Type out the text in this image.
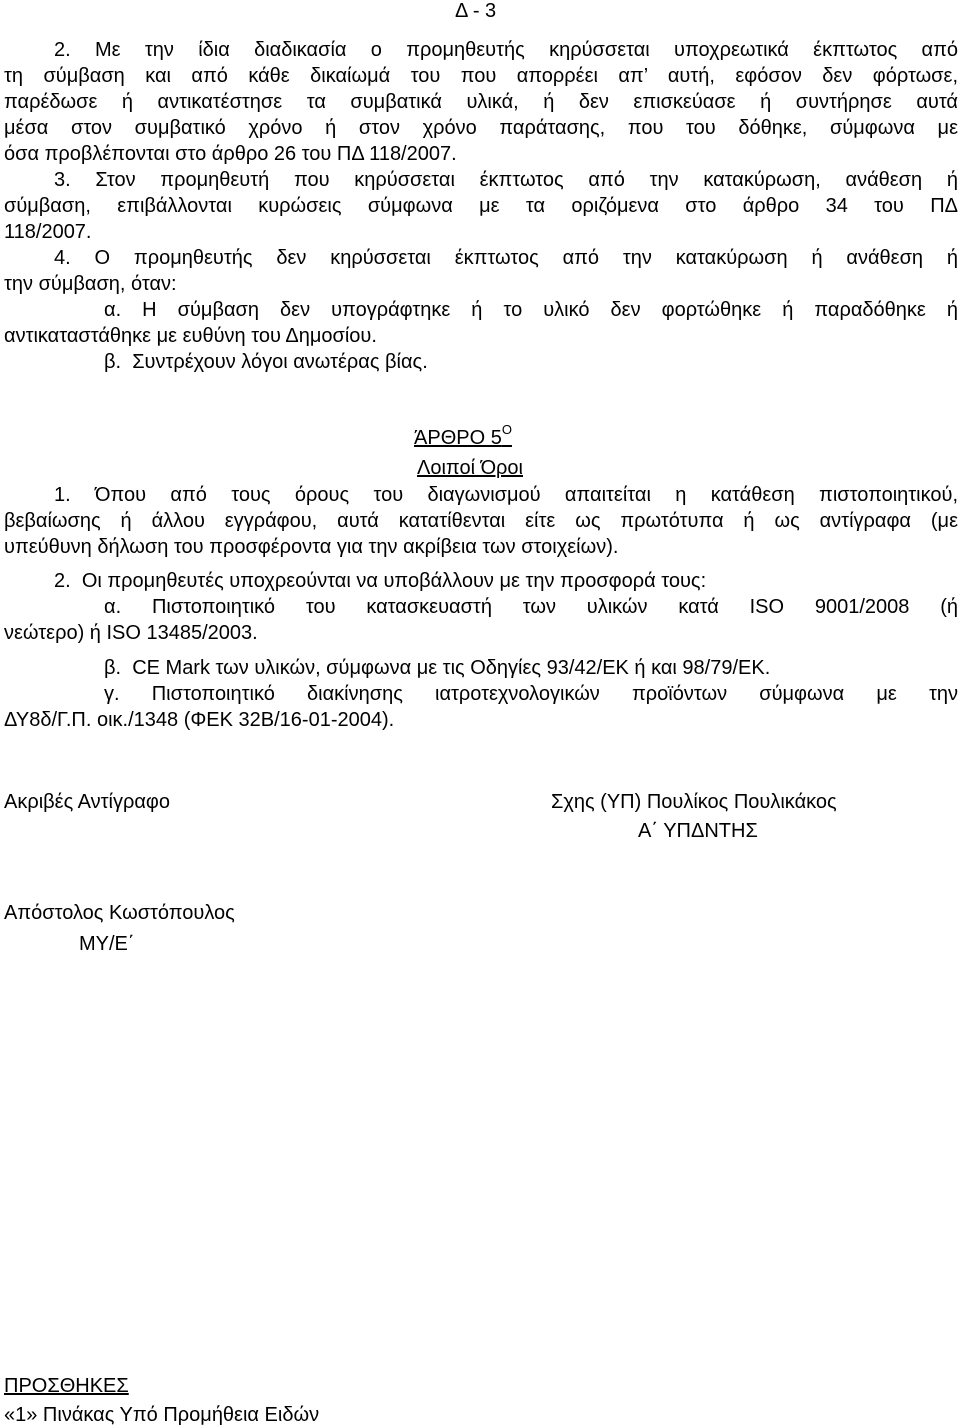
Δ - 3
2. Με την ίδια διαδικασία ο προμηθευτής κηρύσσεται υποχρεωτικά έκπτωτος από
τη σύμβαση και από κάθε δικαίωμά του που απορρέει απ’ αυτή, εφόσον δεν φόρτωσε,
παρέδωσε ή αντικατέστησε τα συμβατικά υλικά, ή δεν επισκεύασε ή συντήρησε αυτά
μέσα στον συμβατικό χρόνο ή στον χρόνο παράτασης, που του δόθηκε, σύμφωνα με
όσα προβλέπονται στο άρθρο 26 του ΠΔ 118/2007.
3. Στον προμηθευτή που κηρύσσεται έκπτωτος από την κατακύρωση, ανάθεση ή
σύμβαση, επιβάλλονται κυρώσεις σύμφωνα με τα οριζόμενα στο άρθρο 34 του ΠΔ
118/2007.
4. Ο προμηθευτής δεν κηρύσσεται έκπτωτος από την κατακύρωση ή ανάθεση ή
την σύμβαση, όταν:
α. Η σύμβαση δεν υπογράφτηκε ή το υλικό δεν φορτώθηκε ή παραδόθηκε ή
αντικαταστάθηκε με ευθύνη του Δημοσίου.
β. Συντρέχουν λόγοι ανωτέρας βίας.
ΆΡΘΡΟ $5^O$
Λοιποί Όροι
1. Όπου από τους όρους του διαγωνισμού απαιτείται η κατάθεση πιστοποιητικού,
βεβαίωσης ή άλλου εγγράφου, αυτά κατατίθενται είτε ως πρωτότυπα ή ως αντίγραφα (με
υπεύθυνη δήλωση του προσφέροντα για την ακρίβεια των στοιχείων).
2. Οι προμηθευτές υποχρεούνται να υποβάλλουν με την προσφορά τους:
α. Πιστοποιητικό του κατασκευαστή των υλικών κατά ISO 9001/2008 (ή
νεώτερο) ή ISO 13485/2003.
β. CE Mark των υλικών, σύμφωνα με τις Οδηγίες 93/42/ΕΚ ή και 98/79/ΕΚ.
γ. Πιστοποιητικό διακίνησης ιατροτεχνολογικών προϊόντων σύμφωνα με την
ΔΥ8δ/Γ.Π. οικ./1348 (ΦΕΚ 32Β/16-01-2004).
Ακριβές Αντίγραφο	Σχης (ΥΠ) Πουλίκος Πουλικάκος
Α΄ ΥΠΔΝΤΗΣ
Απόστολος Κωστόπουλος
ΜΥ/Ε΄
ΠΡΟΣΘΗΚΕΣ
«1» Πινάκας Υπό Προμήθεια Ειδών
